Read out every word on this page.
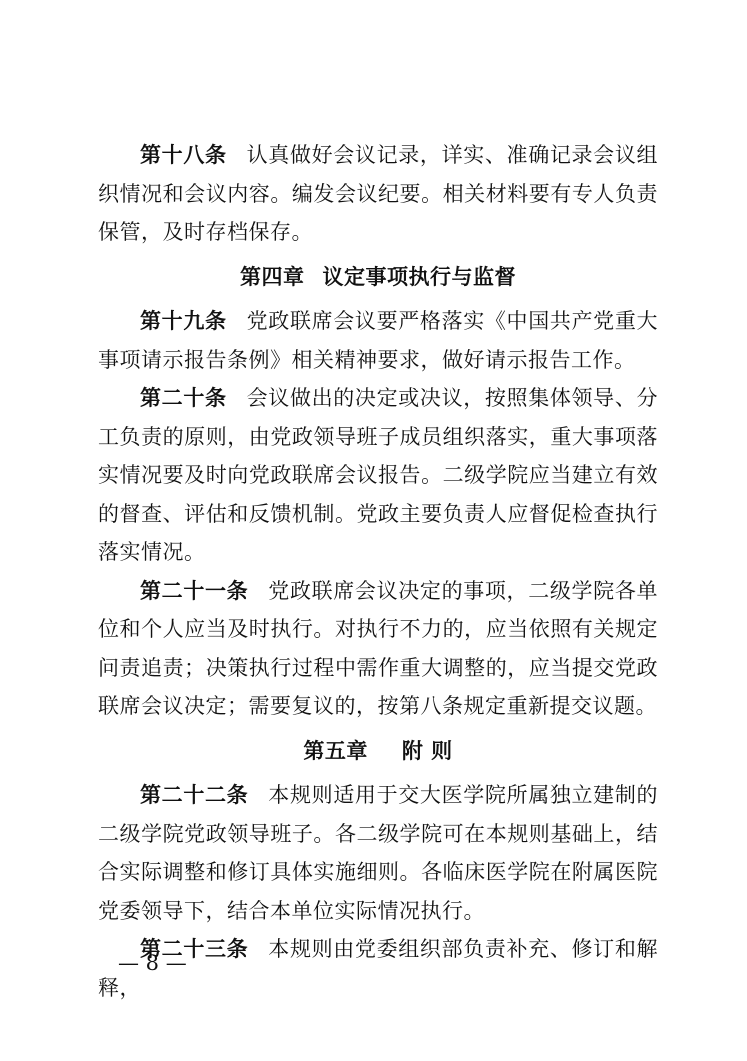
第十八条 认真做好会议记录，详实、准确记录会议组织情况和会议内容。编发会议纪要。相关材料要有专人负责保管，及时存档保存。

第四章 议定事项执行与监督

第十九条 党政联席会议要严格落实《中国共产党重大事项请示报告条例》相关精神要求，做好请示报告工作。

第二十条 会议做出的决定或决议，按照集体领导、分工负责的原则，由党政领导班子成员组织落实，重大事项落实情况要及时向党政联席会议报告。二级学院应当建立有效的督查、评估和反馈机制。党政主要负责人应督促检查执行落实情况。

第二十一条 党政联席会议决定的事项，二级学院各单位和个人应当及时执行。对执行不力的，应当依照有关规定问责追责；决策执行过程中需作重大调整的，应当提交党政联席会议决定；需要复议的，按第八条规定重新提交议题。

第五章 附 则

第二十二条 本规则适用于交大医学院所属独立建制的二级学院党政领导班子。各二级学院可在本规则基础上，结合实际调整和修订具体实施细则。各临床医学院在附属医院党委领导下，结合本单位实际情况执行。

第二十三条 本规则由党委组织部负责补充、修订和解释，

— 8 —
